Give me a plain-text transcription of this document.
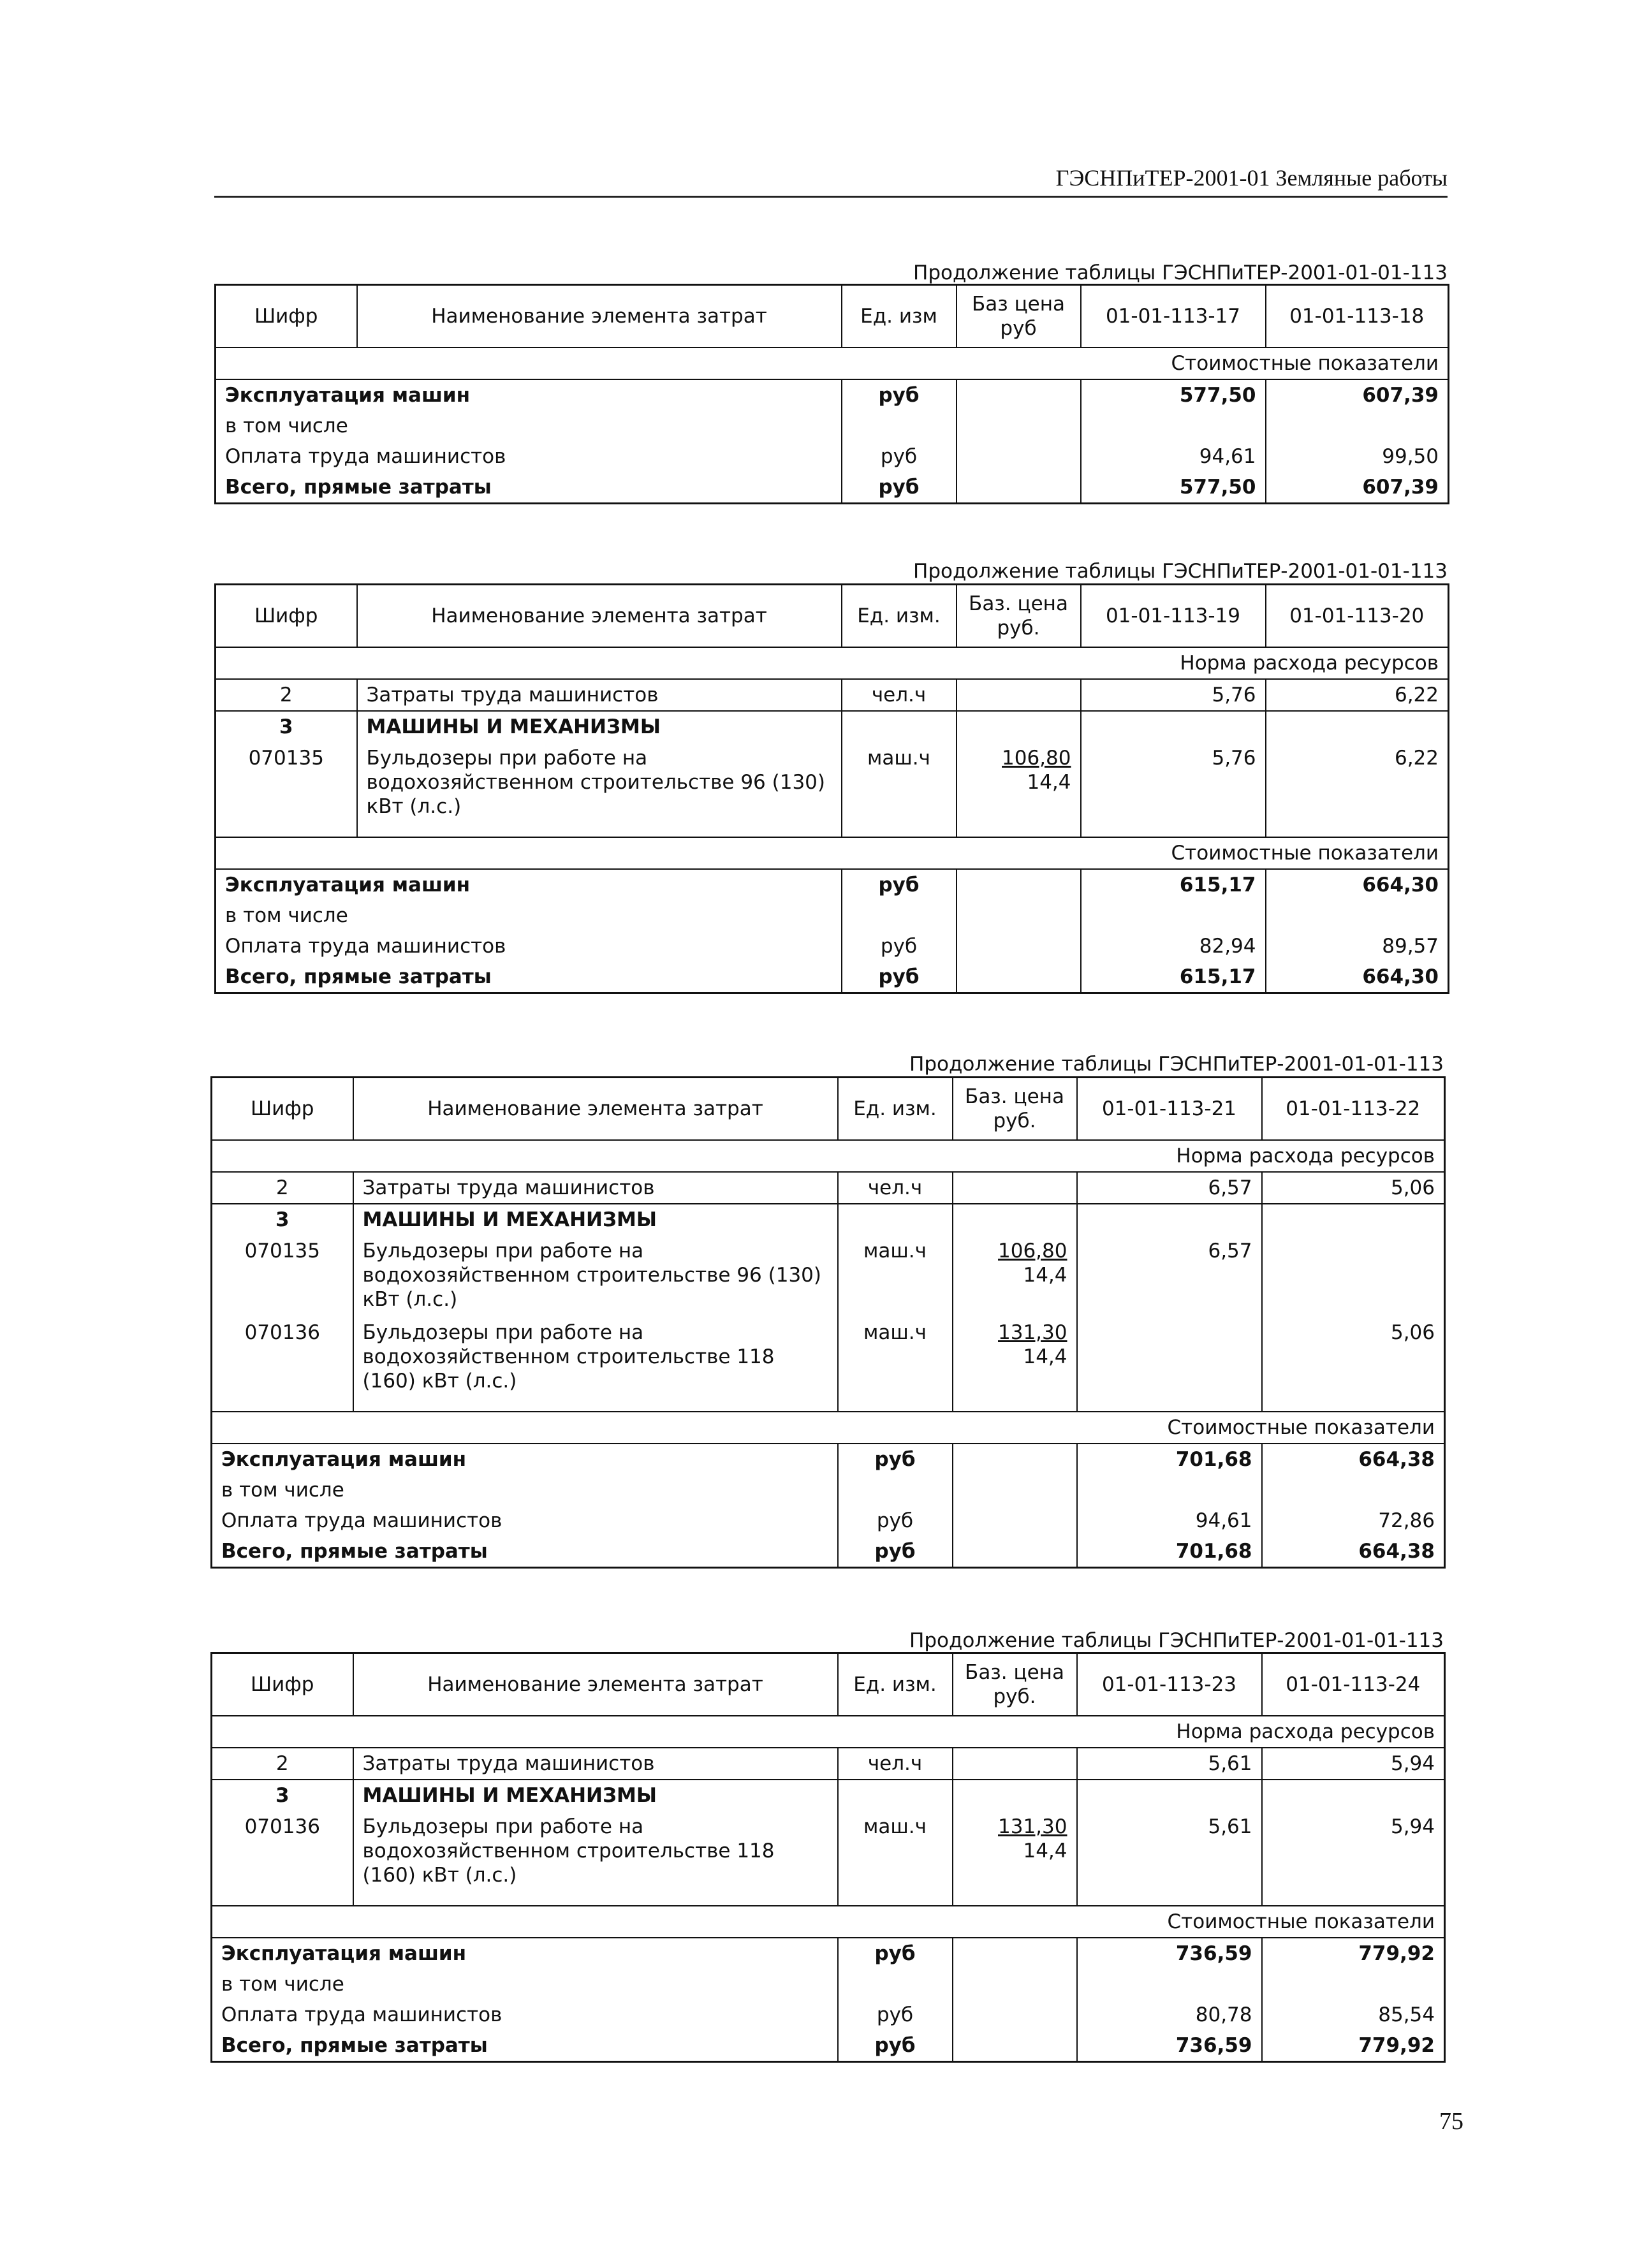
ГЭСНПиТЕР-2001-01 Земляные работы
Продолжение таблицы ГЭСНПиТЕР-2001-01-01-113
Шифр	Наименование элемента затрат	Ед. изм	Баз цена руб	01-01-113-17	01-01-113-18
Стоимостные показатели					
Эксплуатация машин		руб		577,50	607,39
в том числе					
Оплата труда машинистов		руб		94,61	99,50
Всего, прямые затраты		руб		577,50	607,39
Продолжение таблицы ГЭСНПиТЕР-2001-01-01-113
Шифр	Наименование элемента затрат	Ед. изм.	Баз. цена руб.	01-01-113-19	01-01-113-20
Норма расхода ресурсов					
2	Затраты труда машинистов	чел.ч		5,76	6,22
3	МАШИНЫ И МЕХАНИЗМЫ				
070135	Бульдозеры при работе на водохозяйственном строительстве 96 (130) кВт (л.с.)	маш.ч	$\frac{106,80}{14,4}$	5,76	6,22

Стоимостные показатели					
Эксплуатация машин		руб		615,17	664,30
в том числе					
Оплата труда машинистов		руб		82,94	89,57
Всего, прямые затраты		руб		615,17	664,30
Продолжение таблицы ГЭСНПиТЕР-2001-01-01-113
Шифр	Наименование элемента затрат	Ед. изм.	Баз. цена руб.	01-01-113-21	01-01-113-22
Норма расхода ресурсов					
2	Затраты труда машинистов	чел.ч		6,57	5,06
3	МАШИНЫ И МЕХАНИЗМЫ				
070135	Бульдозеры при работе на водохозяйственном строительстве 96 (130) кВт (л.с.)	маш.ч	$\frac{106,80}{14,4}$	6,57	
070136	Бульдозеры при работе на водохозяйственном строительстве 118 (160) кВт (л.с.)	маш.ч	$\frac{131,30}{14,4}$		5,06

Стоимостные показатели					
Эксплуатация машин		руб		701,68	664,38
в том числе					
Оплата труда машинистов		руб		94,61	72,86
Всего, прямые затраты		руб		701,68	664,38
Продолжение таблицы ГЭСНПиТЕР-2001-01-01-113
Шифр	Наименование элемента затрат	Ед. изм.	Баз. цена руб.	01-01-113-23	01-01-113-24
Норма расхода ресурсов					
2	Затраты труда машинистов	чел.ч		5,61	5,94
3	МАШИНЫ И МЕХАНИЗМЫ				
070136	Бульдозеры при работе на водохозяйственном строительстве 118 (160) кВт (л.с.)	маш.ч	$\frac{131,30}{14,4}$	5,61	5,94

Стоимостные показатели					
Эксплуатация машин		руб		736,59	779,92
в том числе					
Оплата труда машинистов		руб		80,78	85,54
Всего, прямые затраты		руб		736,59	779,92
75
